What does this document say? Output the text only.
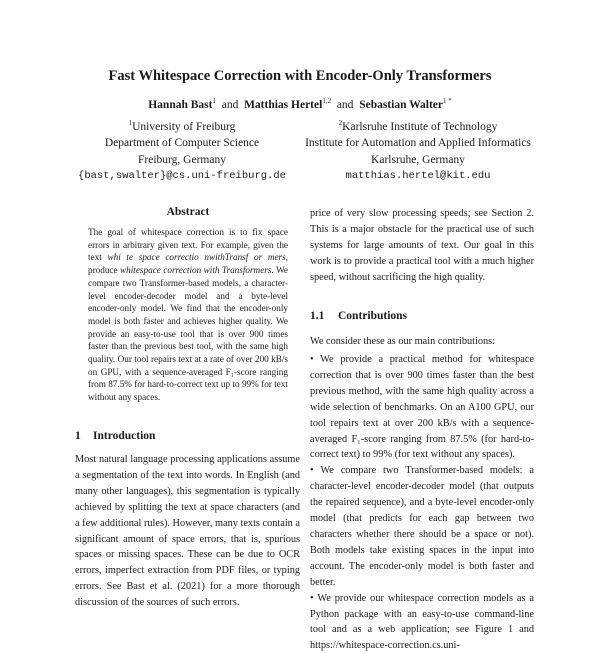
Fast Whitespace Correction with Encoder-Only Transformers
Hannah Bast$^1$ and Matthias Hertel$^{1,2}$ and Sebastian Walter$^{1 *}$
$^1$University of Freiburg
Department of Computer Science
Freiburg, Germany
{bast,swalter}@cs.uni-freiburg.de
$^2$Karlsruhe Institute of Technology
Institute for Automation and Applied Informatics
Karlsruhe, Germany
matthias.hertel@kit.edu
Abstract
The goal of whitespace correction is to fix space errors in arbitrary given text. For example, given the text whi te space correctio nwithTransf or mers, produce whitespace correction with Transformers. We compare two Transformer-based models, a character-level encoder-decoder model and a byte-level encoder-only model. We find that the encoder-only model is both faster and achieves higher quality. We provide an easy-to-use tool that is over 900 times faster than the previous best tool, with the same high quality. Our tool repairs text at a rate of over 200 kB/s on GPU, with a sequence-averaged F₁-score ranging from 87.5% for hard-to-correct text up to 99% for text without any spaces.
1 Introduction
Most natural language processing applications assume a segmentation of the text into words. In English (and many other languages), this segmentation is typically achieved by splitting the text at space characters (and a few additional rules). However, many texts contain a significant amount of space errors, that is, spurious spaces or missing spaces. These can be due to OCR errors, imperfect extraction from PDF files, or typing errors. See Bast et al. (2021) for a more thorough discussion of the sources of such errors.
price of very slow processing speeds; see Section 2. This is a major obstacle for the practical use of such systems for large amounts of text. Our goal in this work is to provide a practical tool with a much higher speed, without sacrificing the high quality.
1.1 Contributions
We consider these as our main contributions:

• We provide a practical method for whitespace correction that is over 900 times faster than the best previous method, with the same high quality across a wide selection of benchmarks. On an A100 GPU, our tool repairs text at over 200 kB/s with a sequence-averaged F₁-score ranging from 87.5% (for hard-to-correct text) to 99% (for text without any spaces).

• We compare two Transformer-based models: a character-level encoder-decoder model (that outputs the repaired sequence), and a byte-level encoder-only model (that predicts for each gap between two characters whether there should be a space or not). Both models take existing spaces in the input into account. The encoder-only model is both faster and better.

• We provide our whitespace correction models as a Python package with an easy-to-use command-line tool and as a web application; see Figure 1 and https://whitespace-correction.cs.uni-
